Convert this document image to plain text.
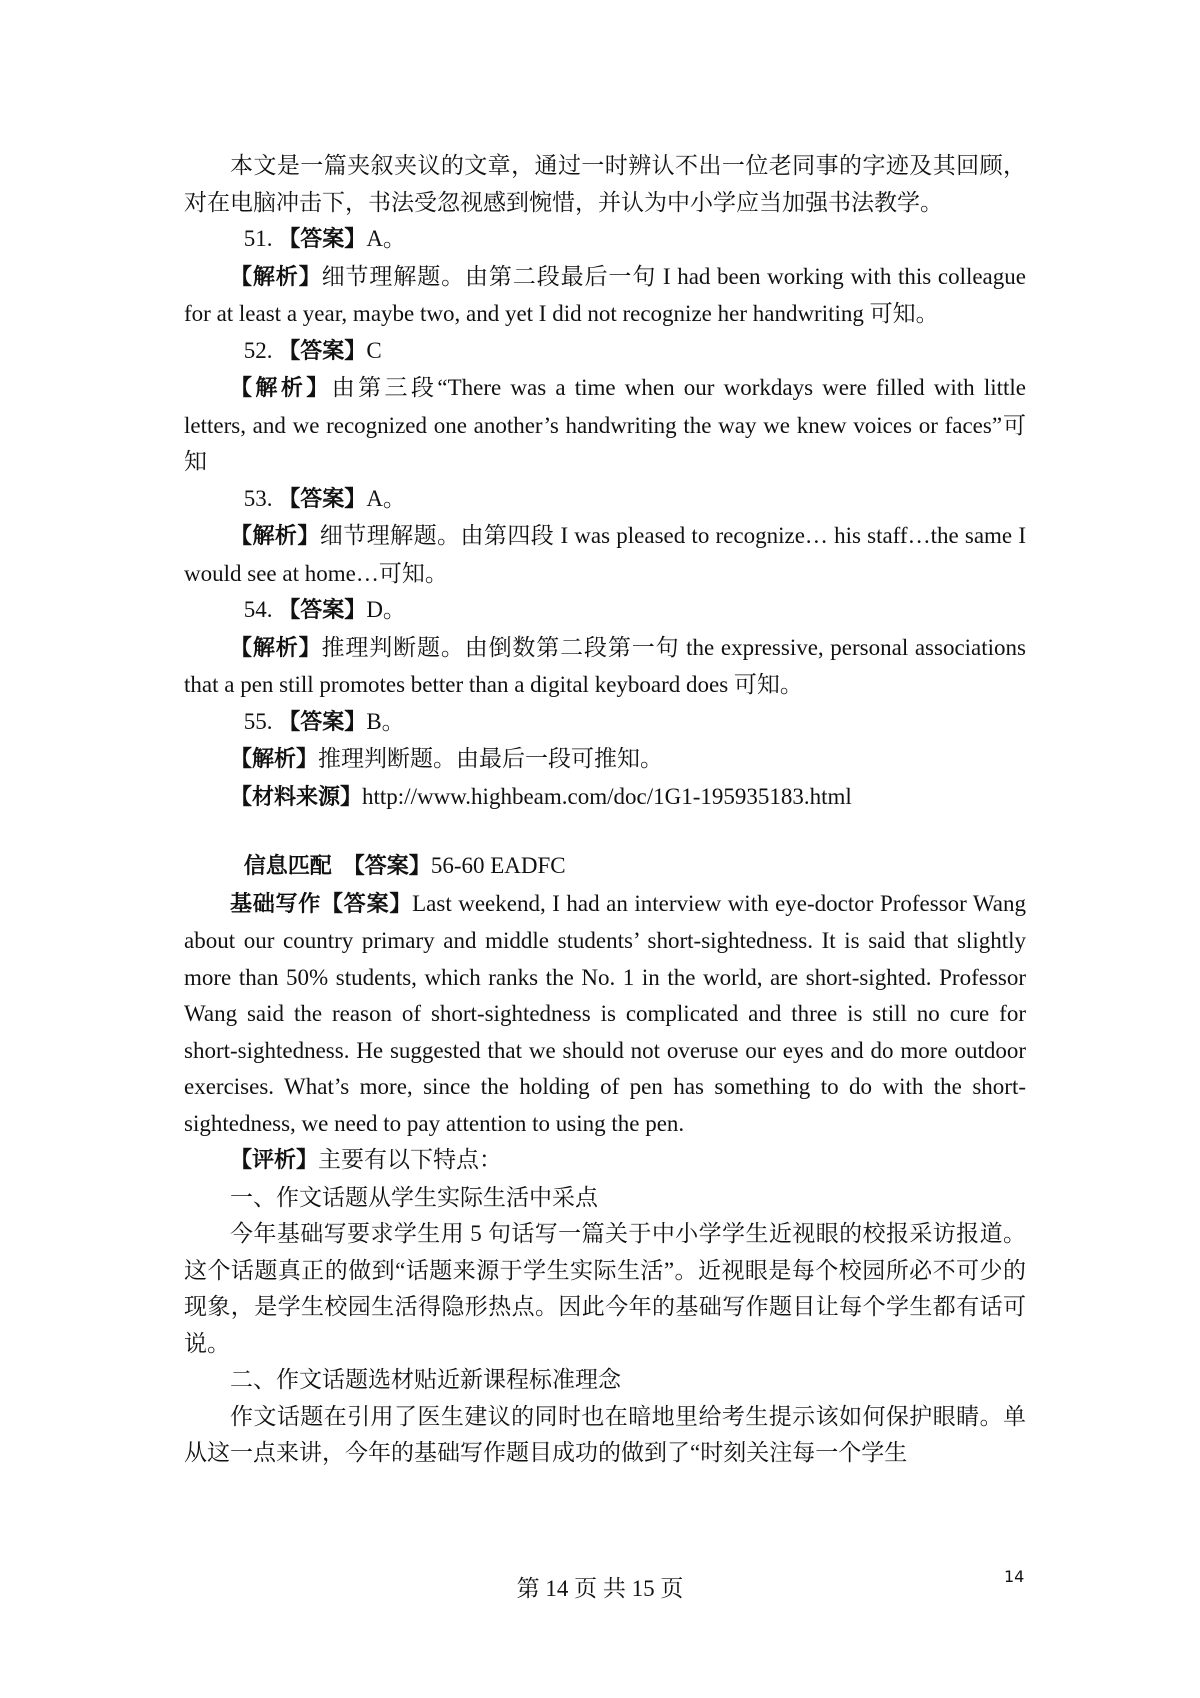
本文是一篇夹叙夹议的文章，通过一时辨认不出一位老同事的字迹及其回顾，对在电脑冲击下，书法受忽视感到惋惜，并认为中小学应当加强书法教学。

51. 【答案】A。

【解析】细节理解题。由第二段最后一句 I had been working with this colleague for at least a year, maybe two, and yet I did not recognize her handwriting 可知。

52. 【答案】C

【解析】由第三段“There was a time when our workdays were filled with little letters, and we recognized one another’s handwriting the way we knew voices or faces”可知

53. 【答案】A。

【解析】细节理解题。由第四段 I was pleased to recognize… his staff…the same I would see at home…可知。

54. 【答案】D。

【解析】推理判断题。由倒数第二段第一句 the expressive, personal associations that a pen still promotes better than a digital keyboard does 可知。

55. 【答案】B。

【解析】推理判断题。由最后一段可推知。

【材料来源】http://www.highbeam.com/doc/1G1-195935183.html

信息匹配　【答案】56-60 EADFC

基础写作【答案】Last weekend, I had an interview with eye-doctor Professor Wang about our country primary and middle students’ short-sightedness. It is said that slightly more than 50% students, which ranks the No. 1 in the world, are short-sighted. Professor Wang said the reason of short-sightedness is complicated and three is still no cure for short-sightedness. He suggested that we should not overuse our eyes and do more outdoor exercises. What’s more, since the holding of pen has something to do with the short-sightedness, we need to pay attention to using the pen.

【评析】主要有以下特点：

一、作文话题从学生实际生活中采点

今年基础写要求学生用 5 句话写一篇关于中小学学生近视眼的校报采访报道。这个话题真正的做到“话题来源于学生实际生活”。近视眼是每个校园所必不可少的现象，是学生校园生活得隐形热点。因此今年的基础写作题目让每个学生都有话可说。

二、作文话题选材贴近新课程标准理念

作文话题在引用了医生建议的同时也在暗地里给考生提示该如何保护眼睛。单从这一点来讲，今年的基础写作题目成功的做到了“时刻关注每一个学生

第 14 页 共 15 页	14
